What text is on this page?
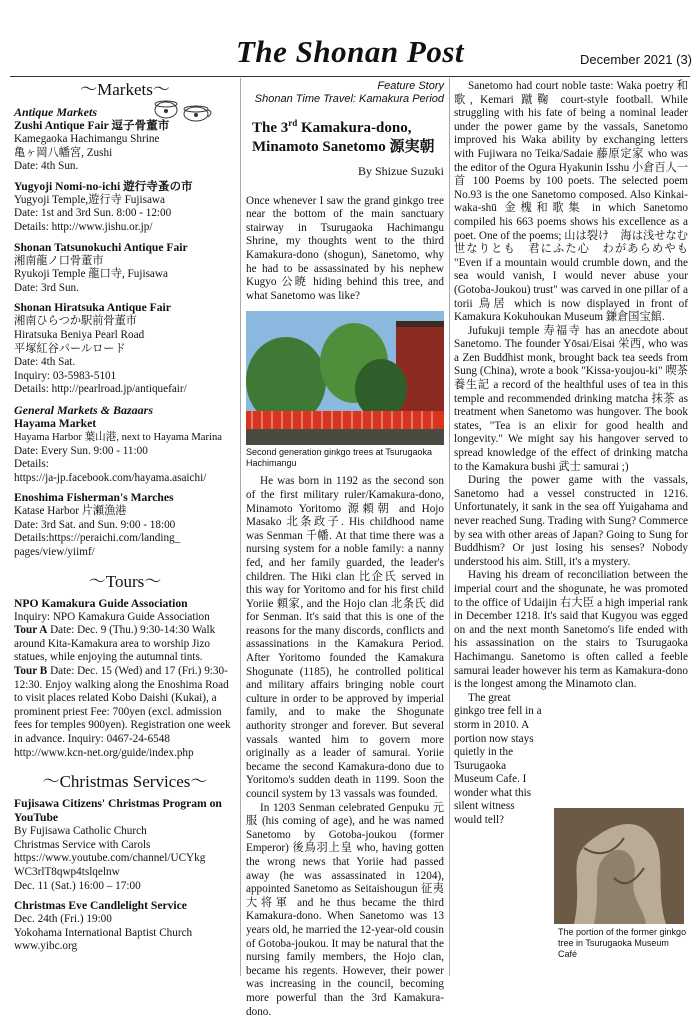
The Shonan Post	December 2021 (3)
～Markets～
Antique Markets
Zushi Antique Fair 逗子骨董市
Kamegaoka Hachimangu Shrine
亀ヶ岡八幡宮, Zushi
Date: 4th Sun.
Yugyoji Nomi-no-ichi 遊行寺蚤の市
Yugyoji Temple,遊行寺 Fujisawa
Date: 1st and 3rd Sun. 8:00 - 12:00
Details: http://www.jishu.or.jp/
Shonan Tatsunokuchi Antique Fair
湘南龍ノ口骨董市
Ryukoji Temple 龍口寺, Fujisawa
Date: 3rd Sun.
Shonan Hiratsuka Antique Fair
湘南ひらつか駅前骨董市
Hiratsuka Beniya Pearl Road
平塚紅谷パールロード
Date: 4th Sat.
Inquiry: 03-5983-5101
Details: http://pearlroad.jp/antiquefair/
General Markets & Bazaars
Hayama Market
Hayama Harbor 葉山港, next to Hayama Marina
Date: Every Sun. 9:00 - 11:00
Details:
https://ja-jp.facebook.com/hayama.asaichi/
Enoshima Fisherman's Marches
Katase Harbor 片瀬漁港
Date: 3rd Sat. and Sun. 9:00 - 18:00
Details:https://peraichi.com/landing_
pages/view/yiimf/
～Tours～
NPO Kamakura Guide Association
Inquiry: NPO Kamakura Guide Association
Tour A Date: Dec. 9 (Thu.) 9:30-14:30 Walk around Kita-Kamakura area to worship Jizo statues, while enjoying the autumnal tints.
Tour B Date: Dec. 15 (Wed) and 17 (Fri.) 9:30-12:30. Enjoy walking along the Enoshima Road to visit places related Kobo Daishi (Kukai), a prominent priest Fee: 700yen (excl. admission fees for temples 900yen). Registration one week in advance. Inquiry: 0467-24-6548 http://www.kcn-net.org/guide/index.php
～Christmas Services～
Fujisawa Citizens' Christmas Program on YouTube
By Fujisawa Catholic Church
Christmas Service with Carols
https://www.youtube.com/channel/UCYkg
WC3rlT8qwp4tslqelnw
Dec. 11 (Sat.) 16:00 – 17:00
Christmas Eve Candlelight Service
Dec. 24th (Fri.) 19:00
Yokohama International Baptist Church
www.yibc.org
Feature Story
Shonan Time Travel: Kamakura Period
The 3rd Kamakura-dono,
Minamoto Sanetomo 源実朝
By Shizue Suzuki

Once whenever I saw the grand ginkgo tree near the bottom of the main sanctuary stairway in Tsurugaoka Hachimangu Shrine, my thoughts went to the third Kamakura-dono (shogun), Sanetomo, why he had to be assassinated by his nephew Kugyo 公暁 hiding behind this tree, and what Sanetomo was like?

Second generation ginkgo trees at Tsurugaoka Hachimangu

He was born in 1192 as the second son of the first military ruler/Kamakura-dono, Minamoto Yoritomo 源頼朝 and Hojo Masako 北条政子. His childhood name was Senman 千幡. At that time there was a nursing system for a noble family: a nanny fed, and her family guarded, the leader's children. The Hiki clan 比企氏 served in this way for Yoritomo and for his first child Yoriie 頼家, and the Hojo clan 北条氏 did for Senman. It's said that this is one of the reasons for the many discords, conflicts and assassinations in the Kamakura Period. After Yoritomo founded the Kamakura Shogunate (1185), he controlled political and military affairs bringing noble court culture in order to be approved by imperial family, and to make the Shogunate authority stronger and forever. But several vassals wanted him to govern more originally as a leader of samurai. Yoriie became the second Kamakura-dono due to Yoritomo's sudden death in 1199. Soon the council system by 13 vassals was founded.

In 1203 Senman celebrated Genpuku 元服 (his coming of age), and he was named Sanetomo by Gotoba-joukou (former Emperor) 後鳥羽上皇 who, having gotten the wrong news that Yoriie had passed away (he was assassinated in 1204), appointed Sanetomo as Seitaishougun 征夷大将軍 and he thus became the third Kamakura-dono. When Sanetomo was 13 years old, he married the 12-year-old cousin of Gotoba-joukou. It may be natural that the nursing family members, the Hojo clan, became his regents. However, their power was increasing in the council, becoming more powerful than the 3rd Kamakura-dono.

Sanetomo had court noble taste: Waka poetry 和歌, Kemari 蹴鞠 court-style football. While struggling with his fate of being a nominal leader under the power game by the vassals, Sanetomo improved his Waka ability by exchanging letters with Fujiwara no Teika/Sadaie 藤原定家 who was the editor of the Ogura Hyakunin Isshu 小倉百人一首 100 Poems by 100 poets. The selected poem No.93 is the one Sanetomo composed. Also Kinkai-waka-shū 金槐和歌集 in which Sanetomo compiled his 663 poems shows his excellence as a poet. One of the poems; 山は裂け　海は浅せなむ　世なりとも　君にふた心　わがあらめやも "Even if a mountain would crumble down, and the sea would vanish, I would never abuse your (Gotoba-Joukou) trust" was carved in one pillar of a torii 鳥居 which is now displayed in front of Kamakura Kokuhoukan Museum 鎌倉国宝館.

Jufukuji temple 寿福寺 has an anecdote about Sanetomo. The founder Yōsai/Eisai 栄西, who was a Zen Buddhist monk, brought back tea seeds from Sung (China), wrote a book "Kissa-youjou-ki" 喫茶養生記 a record of the healthful uses of tea in this temple and recommended drinking matcha 抹茶 as treatment when Sanetomo was hungover. The book states, "Tea is an elixir for good health and longevity." We might say his hangover served to spread knowledge of the effect of drinking matcha to the Kamakura bushi 武士 samurai ;)

During the power game with the vassals, Sanetomo had a vessel constructed in 1216. Unfortunately, it sank in the sea off Yuigahama and never reached Sung. Trading with Sung? Commerce by sea with other areas of Japan? Going to Sung for Buddhism? Or just losing his senses? Nobody understood his aim. Still, it's a mystery.

Having his dream of reconciliation between the imperial court and the shogunate, he was promoted to the office of Udaijin 右大臣 a high imperial rank in December 1218. It's said that Kugyou was egged on and the next month Sanetomo's life ended with his assassination on the stairs to Tsurugaoka Hachimangu. Sanetomo is often called a feeble samurai leader however his term as Kamakura-dono is the longest among the Minamoto clan.

The great ginkgo tree fell in a storm in 2010. A portion now stays quietly in the Tsurugaoka Museum Cafe. I wonder what this silent witness would tell?

The portion of the former ginkgo tree in Tsurugaoka Museum Café
